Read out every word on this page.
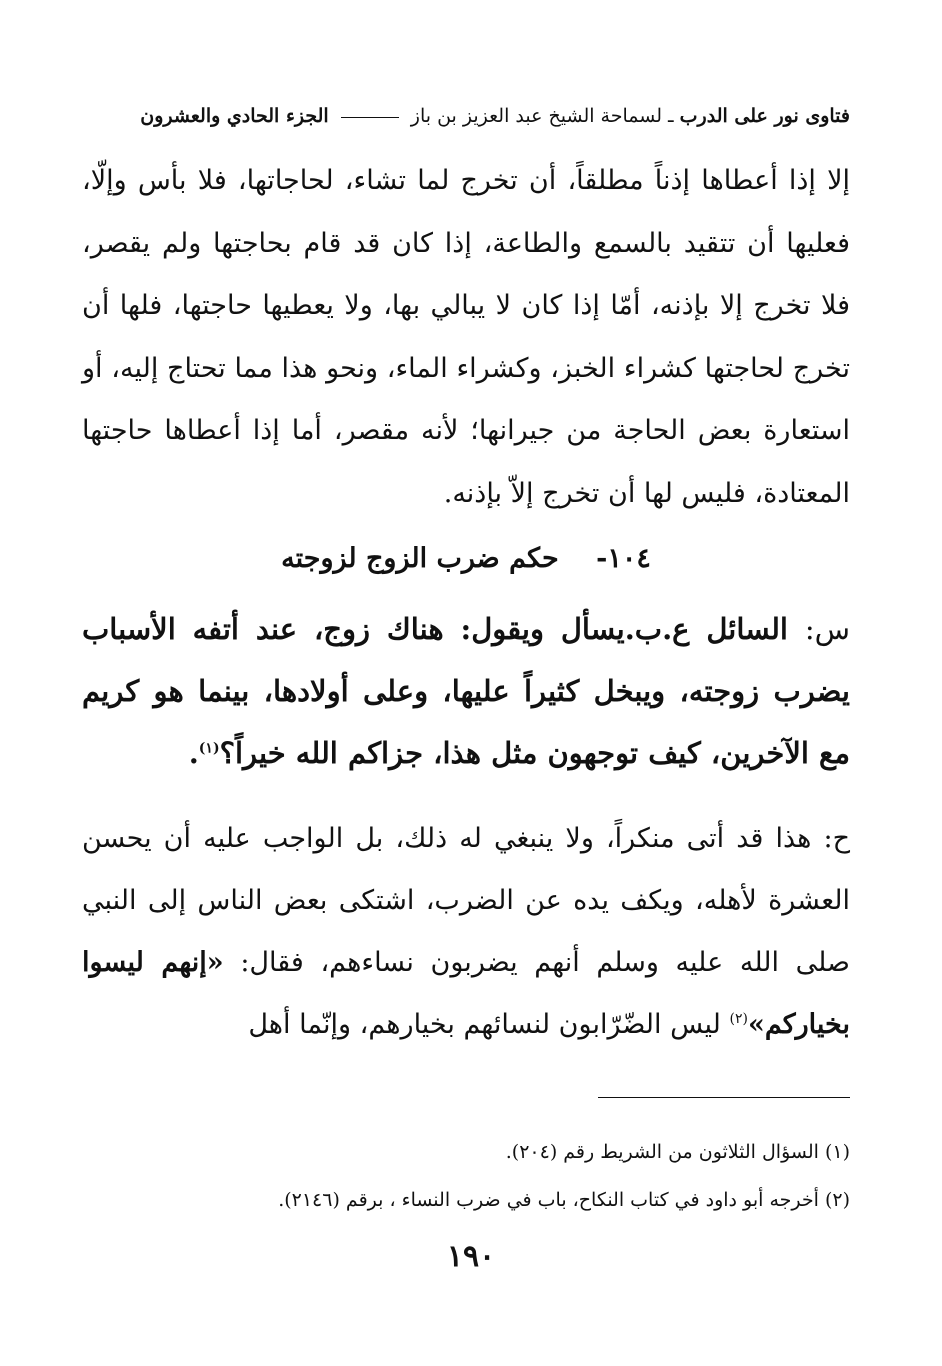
فتاوى نور على الدرب ـ لسماحة الشيخ عبد العزيز بن باز  الجزء الحادي والعشرون
إلا إذا أعطاها إذناً مطلقاً، أن تخرج لما تشاء، لحاجاتها، فلا بأس وإلّا، فعليها أن تتقيد بالسمع والطاعة، إذا كان قد قام بحاجتها ولم يقصر، فلا تخرج إلا بإذنه، أمّا إذا كان لا يبالي بها، ولا يعطيها حاجتها، فلها أن تخرج لحاجتها كشراء الخبز، وكشراء الماء، ونحو هذا مما تحتاج إليه، أو استعارة بعض الحاجة من جيرانها؛ لأنه مقصر، أما إذا أعطاها حاجتها المعتادة، فليس لها أن تخرج إلاّ بإذنه.
١٠٤- حكم ضرب الزوج لزوجته
س: السائل ع.ب.يسأل ويقول: هناك زوج، عند أتفه الأسباب يضرب زوجته، ويبخل كثيراً عليها، وعلى أولادها، بينما هو كريم مع الآخرين، كيف توجهون مثل هذا، جزاكم الله خيراً؟$^{(١)}$.
ح: هذا قد أتى منكراً، ولا ينبغي له ذلك، بل الواجب عليه أن يحسن العشرة لأهله، ويكف يده عن الضرب، اشتكى بعض الناس إلى النبي صلى الله عليه وسلم أنهم يضربون نساءهم، فقال: «إنهم ليسوا بخياركم»$^{(٢)}$ ليس الضّرّابون لنسائهم بخيارهم، وإنّما أهل
(١) السؤال الثلاثون من الشريط رقم (٢٠٤).
(٢) أخرجه أبو داود في كتاب النكاح، باب في ضرب النساء ، برقم (٢١٤٦).
١٩٠
